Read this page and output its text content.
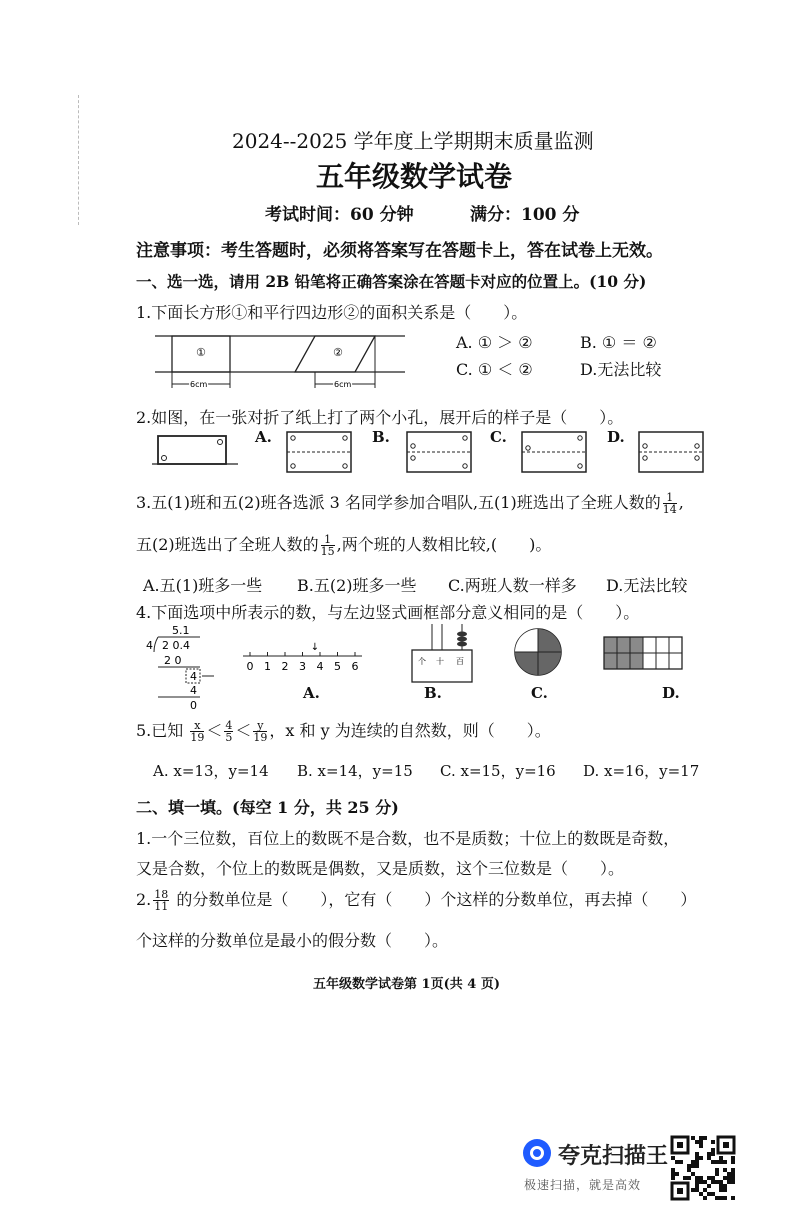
2024--2025 学年度上学期期末质量监测
五年级数学试卷
考试时间：60 分钟	满分：100 分
注意事项：考生答题时，必须将答案写在答题卡上，答在试卷上无效。
一、选一选，请用 2B 铅笔将正确答案涂在答题卡对应的位置上。(10 分)
1.下面长方形①和平行四边形②的面积关系是（　　）。
①	②
6cm	6cm
A. ① ＞ ②	B. ① ＝ ②
C. ① ＜ ②	D.无法比较
2.如图，在一张对折了纸上打了两个小孔，展开后的样子是（　　）。
A.	B.	C.	D.
3.五(1)班和五(2)班各选派 3 名同学参加合唱队,五(1)班选出了全班人数的 $\frac{1}{14}$ ,
五(2)班选出了全班人数的 $\frac{1}{15}$ ,两个班的人数相比较,(　　)。
A.五(1)班多一些 B.五(2)班多一些 C.两班人数一样多 D.无法比较
4.下面选项中所表示的数，与左边竖式画框部分意义相同的是（　　）。
5.1
4 2 0.4
2 0
4
4
0
0 1 2 3 4 5 6
↓
A.
个 十 百
B.	C.	D.
5.已知 $\frac{x}{19} < \frac{4}{5} < \frac{y}{19}$ ，x 和 y 为连续的自然数，则（　　）。
A. x=13，y=14 B. x=14，y=15 C. x=15，y=16 D. x=16，y=17
二、填一填。(每空 1 分，共 25 分)
1.一个三位数，百位上的数既不是合数，也不是质数；十位上的数既是奇数，
又是合数，个位上的数既是偶数，又是质数，这个三位数是（　　）。
2. $\frac{18}{11}$ 的分数单位是（　　），它有（　　）个这样的分数单位，再去掉（　　）
个这样的分数单位是最小的假分数（　　）。
五年级数学试卷第 1页(共 4 页)
夸克扫描王
极速扫描，就是高效
